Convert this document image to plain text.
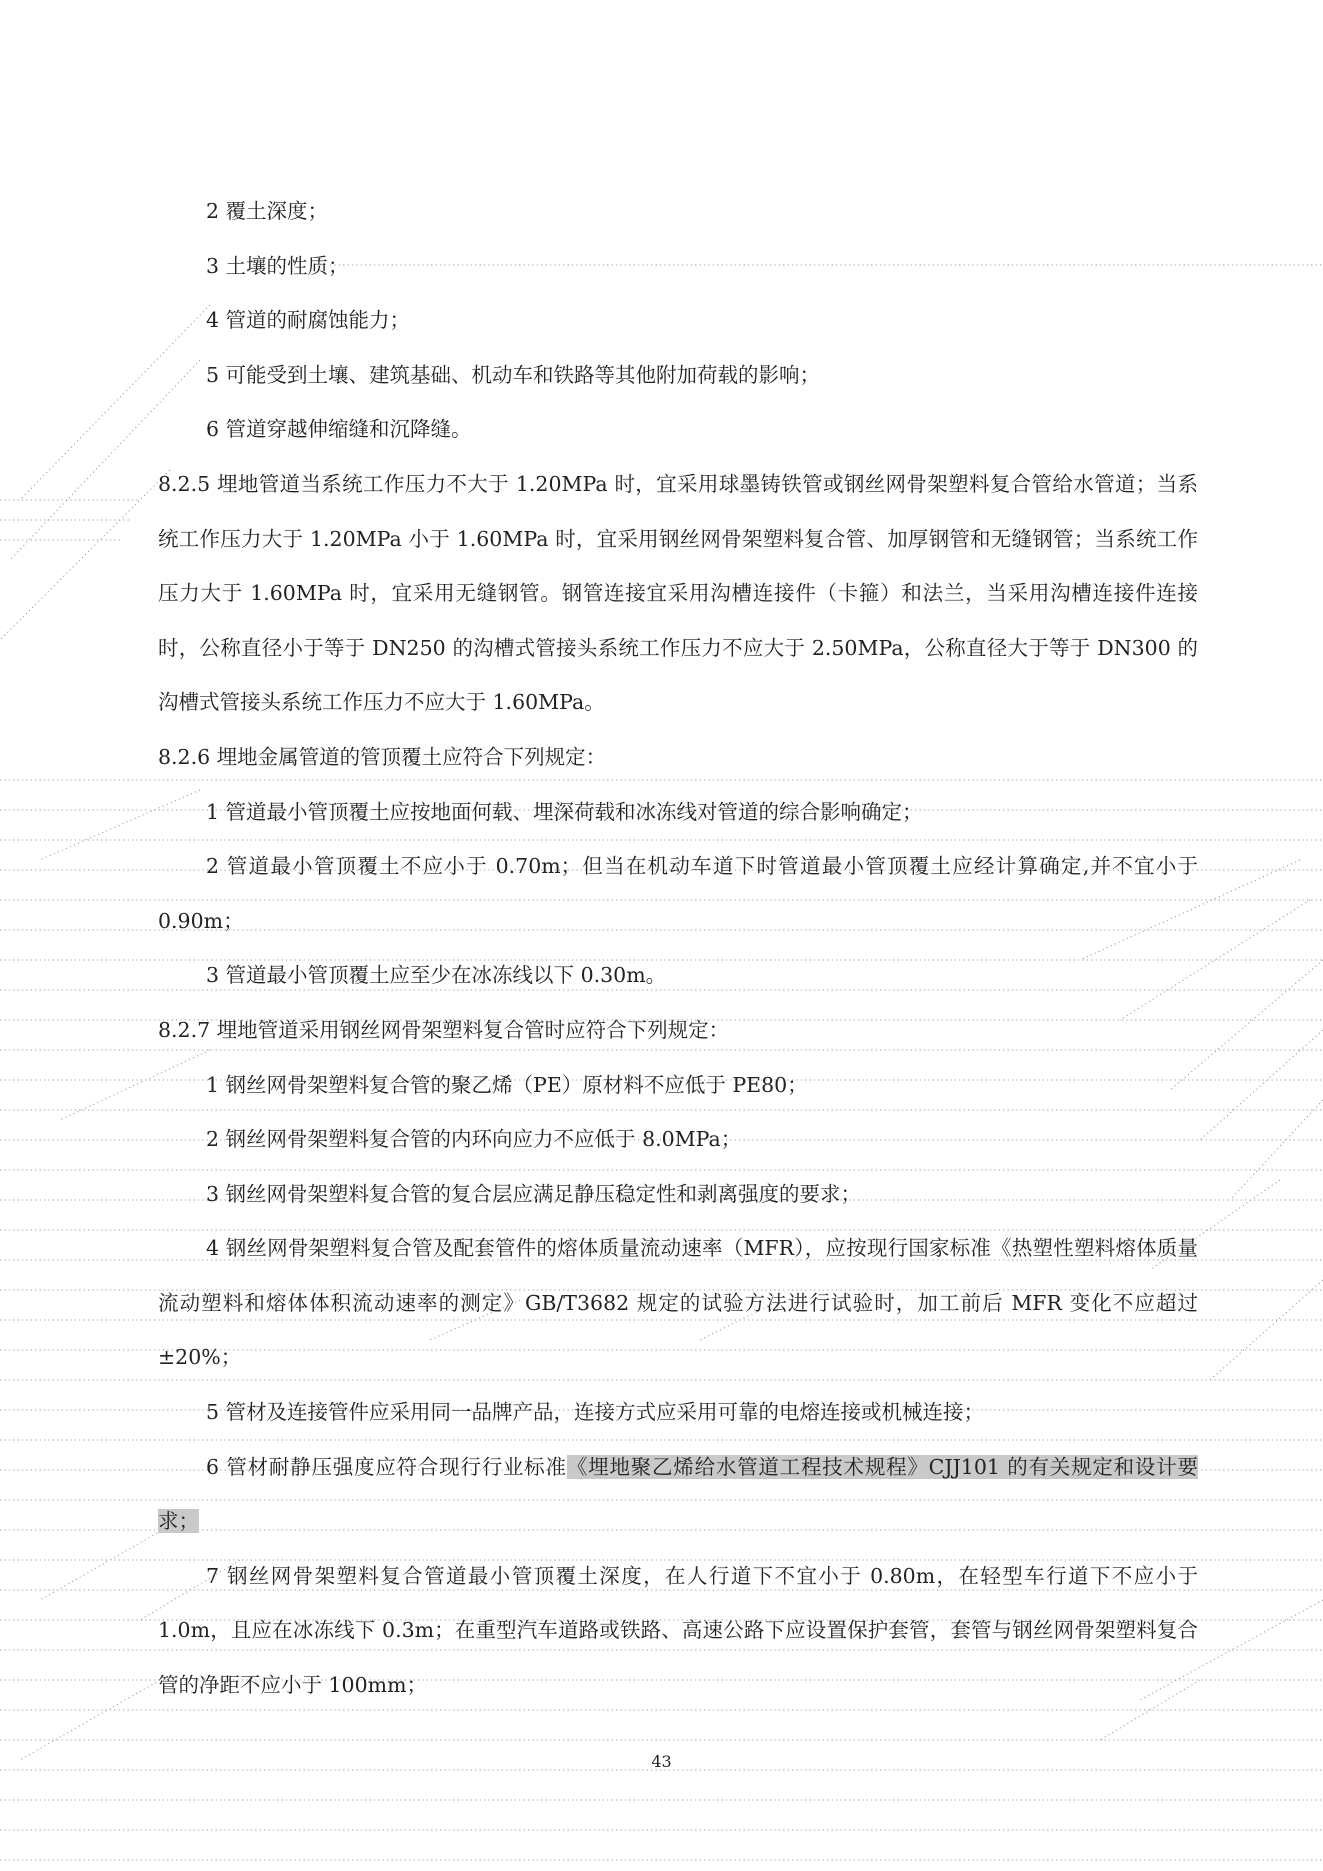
2 覆土深度；

3 土壤的性质；

4 管道的耐腐蚀能力；

5 可能受到土壤、建筑基础、机动车和铁路等其他附加荷载的影响；

6 管道穿越伸缩缝和沉降缝。

8.2.5 埋地管道当系统工作压力不大于 1.20MPa 时，宜采用球墨铸铁管或钢丝网骨架塑料复合管给水管道；当系统工作压力大于 1.20MPa 小于 1.60MPa 时，宜采用钢丝网骨架塑料复合管、加厚钢管和无缝钢管；当系统工作压力大于 1.60MPa 时，宜采用无缝钢管。钢管连接宜采用沟槽连接件（卡箍）和法兰，当采用沟槽连接件连接时，公称直径小于等于 DN250 的沟槽式管接头系统工作压力不应大于 2.50MPa，公称直径大于等于 DN300 的沟槽式管接头系统工作压力不应大于 1.60MPa。

8.2.6 埋地金属管道的管顶覆土应符合下列规定：

1 管道最小管顶覆土应按地面何载、埋深荷载和冰冻线对管道的综合影响确定；

2 管道最小管顶覆土不应小于 0.70m；但当在机动车道下时管道最小管顶覆土应经计算确定,并不宜小于 0.90m；

3 管道最小管顶覆土应至少在冰冻线以下 0.30m。

8.2.7 埋地管道采用钢丝网骨架塑料复合管时应符合下列规定：

1 钢丝网骨架塑料复合管的聚乙烯（PE）原材料不应低于 PE80；

2 钢丝网骨架塑料复合管的内环向应力不应低于 8.0MPa；

3 钢丝网骨架塑料复合管的复合层应满足静压稳定性和剥离强度的要求；

4 钢丝网骨架塑料复合管及配套管件的熔体质量流动速率（MFR），应按现行国家标准《热塑性塑料熔体质量流动塑料和熔体体积流动速率的测定》GB/T3682 规定的试验方法进行试验时，加工前后 MFR 变化不应超过±20%；

5 管材及连接管件应采用同一品牌产品，连接方式应采用可靠的电熔连接或机械连接；

6 管材耐静压强度应符合现行行业标准《埋地聚乙烯给水管道工程技术规程》CJJ101 的有关规定和设计要求；

7 钢丝网骨架塑料复合管道最小管顶覆土深度，在人行道下不宜小于 0.80m，在轻型车行道下不应小于 1.0m，且应在冰冻线下 0.3m；在重型汽车道路或铁路、高速公路下应设置保护套管，套管与钢丝网骨架塑料复合管的净距不应小于 100mm；

43
